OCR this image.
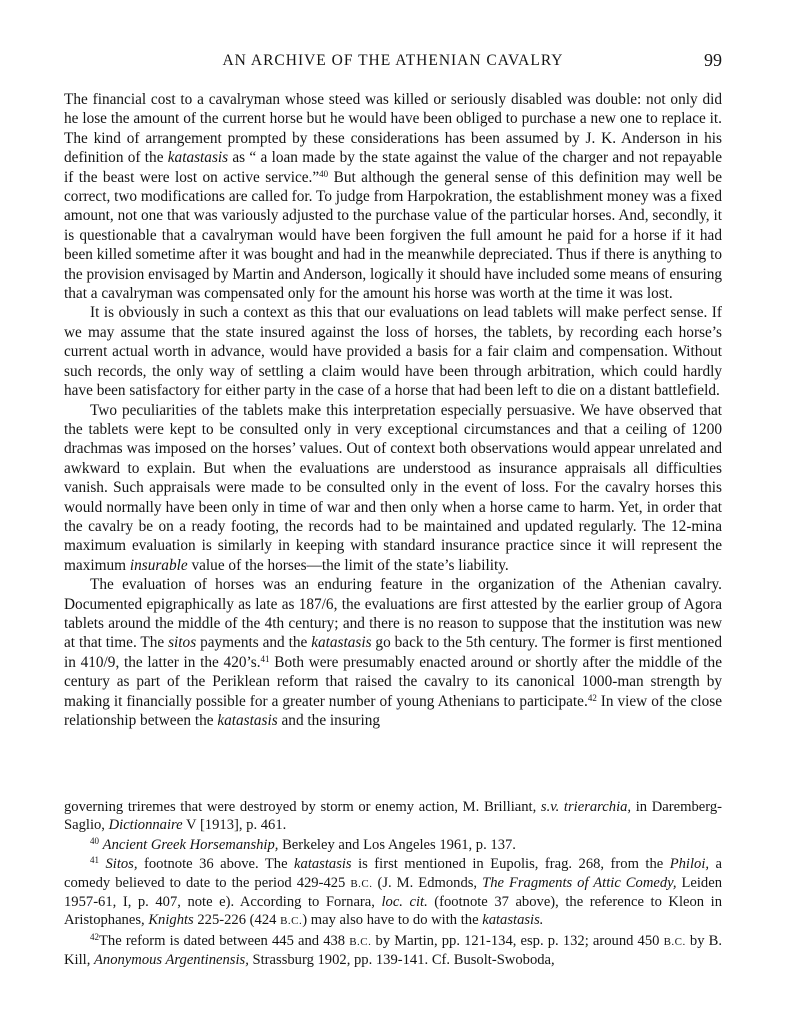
AN ARCHIVE OF THE ATHENIAN CAVALRY	99

The financial cost to a cavalryman whose steed was killed or seriously disabled was double: not only did he lose the amount of the current horse but he would have been obliged to purchase a new one to replace it. The kind of arrangement prompted by these considerations has been assumed by J. K. Anderson in his definition of the katastasis as “ a loan made by the state against the value of the charger and not repayable if the beast were lost on active service.”$^{40}$ But although the general sense of this definition may well be correct, two modifications are called for. To judge from Harpokration, the establishment money was a fixed amount, not one that was variously adjusted to the purchase value of the particular horses. And, secondly, it is questionable that a cavalryman would have been forgiven the full amount he paid for a horse if it had been killed sometime after it was bought and had in the meanwhile depreciated. Thus if there is anything to the provision envisaged by Martin and Anderson, logically it should have included some means of ensuring that a cavalryman was compensated only for the amount his horse was worth at the time it was lost.

It is obviously in such a context as this that our evaluations on lead tablets will make perfect sense. If we may assume that the state insured against the loss of horses, the tablets, by recording each horse’s current actual worth in advance, would have provided a basis for a fair claim and compensation. Without such records, the only way of settling a claim would have been through arbitration, which could hardly have been satisfactory for either party in the case of a horse that had been left to die on a distant battlefield.

Two peculiarities of the tablets make this interpretation especially persuasive. We have observed that the tablets were kept to be consulted only in very exceptional circumstances and that a ceiling of 1200 drachmas was imposed on the horses’ values. Out of context both observations would appear unrelated and awkward to explain. But when the evaluations are understood as insurance appraisals all difficulties vanish. Such appraisals were made to be consulted only in the event of loss. For the cavalry horses this would normally have been only in time of war and then only when a horse came to harm. Yet, in order that the cavalry be on a ready footing, the records had to be maintained and updated regularly. The 12-mina maximum evaluation is similarly in keeping with standard insurance practice since it will represent the maximum insurable value of the horses—the limit of the state’s liability.

The evaluation of horses was an enduring feature in the organization of the Athenian cavalry. Documented epigraphically as late as 187/6, the evaluations are first attested by the earlier group of Agora tablets around the middle of the 4th century; and there is no reason to suppose that the institution was new at that time. The sitos payments and the katastasis go back to the 5th century. The former is first mentioned in 410/9, the latter in the 420’s.$^{41}$ Both were presumably enacted around or shortly after the middle of the century as part of the Periklean reform that raised the cavalry to its canonical 1000-man strength by making it financially possible for a greater number of young Athenians to participate.$^{42}$ In view of the close relationship between the katastasis and the insuring

governing triremes that were destroyed by storm or enemy action, M. Brilliant, s.v. trierarchia, in Daremberg-Saglio, Dictionnaire V [1913], p. 461.

$^{40}$ Ancient Greek Horsemanship, Berkeley and Los Angeles 1961, p. 137.

$^{41}$ Sitos, footnote 36 above. The katastasis is first mentioned in Eupolis, frag. 268, from the Philoi, a comedy believed to date to the period 429-425 B.C. (J. M. Edmonds, The Fragments of Attic Comedy, Leiden 1957-61, I, p. 407, note e). According to Fornara, loc. cit. (footnote 37 above), the reference to Kleon in Aristophanes, Knights 225-226 (424 B.C.) may also have to do with the katastasis.

$^{42}$The reform is dated between 445 and 438 B.C. by Martin, pp. 121-134, esp. p. 132; around 450 B.C. by B. Kill, Anonymous Argentinensis, Strassburg 1902, pp. 139-141. Cf. Busolt-Swoboda,
